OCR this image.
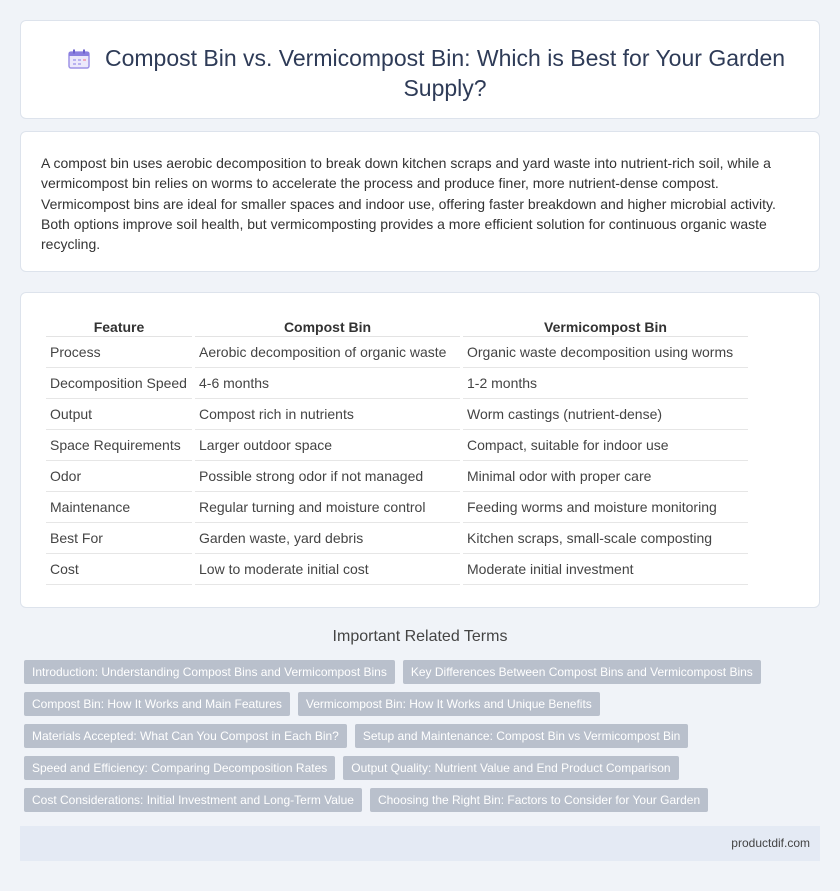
Compost Bin vs. Vermicompost Bin: Which is Best for Your Garden Supply?

A compost bin uses aerobic decomposition to break down kitchen scraps and yard waste into nutrient-rich soil, while a vermicompost bin relies on worms to accelerate the process and produce finer, more nutrient-dense compost. Vermicompost bins are ideal for smaller spaces and indoor use, offering faster breakdown and higher microbial activity. Both options improve soil health, but vermicomposting provides a more efficient solution for continuous organic waste recycling.

Feature	Compost Bin	Vermicompost Bin
Process	Aerobic decomposition of organic waste	Organic waste decomposition using worms
Decomposition Speed	4-6 months	1-2 months
Output	Compost rich in nutrients	Worm castings (nutrient-dense)
Space Requirements	Larger outdoor space	Compact, suitable for indoor use
Odor	Possible strong odor if not managed	Minimal odor with proper care
Maintenance	Regular turning and moisture control	Feeding worms and moisture monitoring
Best For	Garden waste, yard debris	Kitchen scraps, small-scale composting
Cost	Low to moderate initial cost	Moderate initial investment
Important Related Terms
Introduction: Understanding Compost Bins and Vermicompost Bins Key Differences Between Compost Bins and Vermicompost Bins
Compost Bin: How It Works and Main Features Vermicompost Bin: How It Works and Unique Benefits
Materials Accepted: What Can You Compost in Each Bin? Setup and Maintenance: Compost Bin vs Vermicompost Bin
Speed and Efficiency: Comparing Decomposition Rates Output Quality: Nutrient Value and End Product Comparison
Cost Considerations: Initial Investment and Long-Term Value Choosing the Right Bin: Factors to Consider for Your Garden
productdif.com
